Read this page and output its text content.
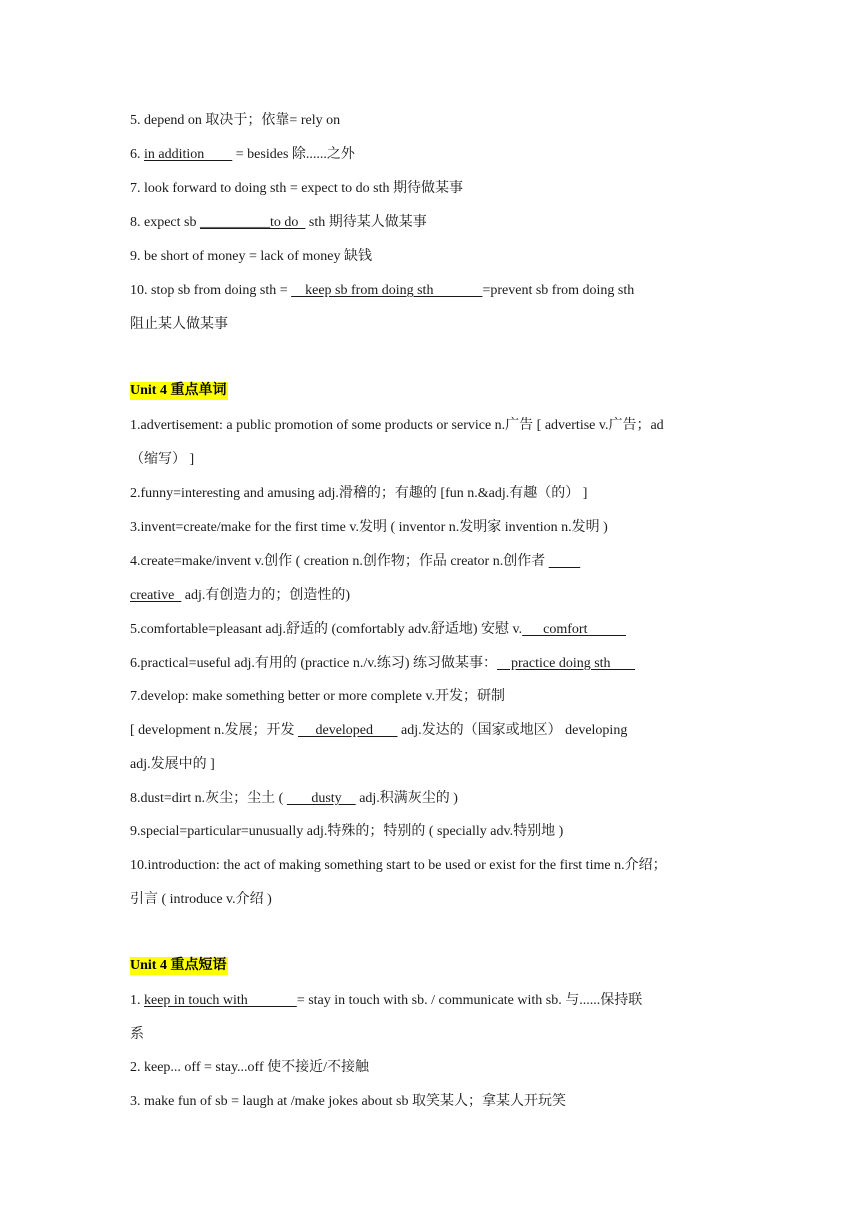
5. depend on 取决于；依靠= rely on
6. in addition         = besides 除......之外
7. look forward to doing sth = expect to do sth 期待做某事
8. expect sb __________to do   sth 期待某人做某事
9. be short of money = lack of money 缺钱
10. stop sb from doing sth =     keep sb from doing sth              =prevent sb from doing sth
阻止某人做某事
Unit 4 重点单词
1.advertisement: a public promotion of some products or service n.广告 [ advertise v.广告；ad
（缩写） ]
2.funny=interesting and amusing adj.滑稽的；有趣的 [fun n.&adj.有趣（的） ]
3.invent=create/make for the first time v.发明 ( inventor n.发明家 invention n.发明 )
4.create=make/invent v.创作 ( creation n.创作物；作品 creator n.创作者
creative   adj.有创造力的；创造性的)
5.comfortable=pleasant adj.舒适的 (comfortably adv.舒适地) 安慰 v.      comfort
6.practical=useful adj.有用的 (practice n./v.练习) 练习做某事：    practice doing sth
7.develop: make something better or more complete v.开发；研制
[ development n.发展；开发      developed        adj.发达的（国家或地区） developing
adj.发展中的 ]
8.dust=dirt n.灰尘；尘土 (        dusty     adj.积满灰尘的 )
9.special=particular=unusually adj.特殊的；特别的 ( specially adv.特别地 )
10.introduction: the act of making something start to be used or exist for the first time n.介绍；
引言 ( introduce v.介绍 )
Unit 4 重点短语
1. keep in touch with              = stay in touch with sb. / communicate with sb. 与......保持联
系
2. keep... off = stay...off 使不接近/不接触
3. make fun of sb = laugh at /make jokes about sb 取笑某人；拿某人开玩笑
